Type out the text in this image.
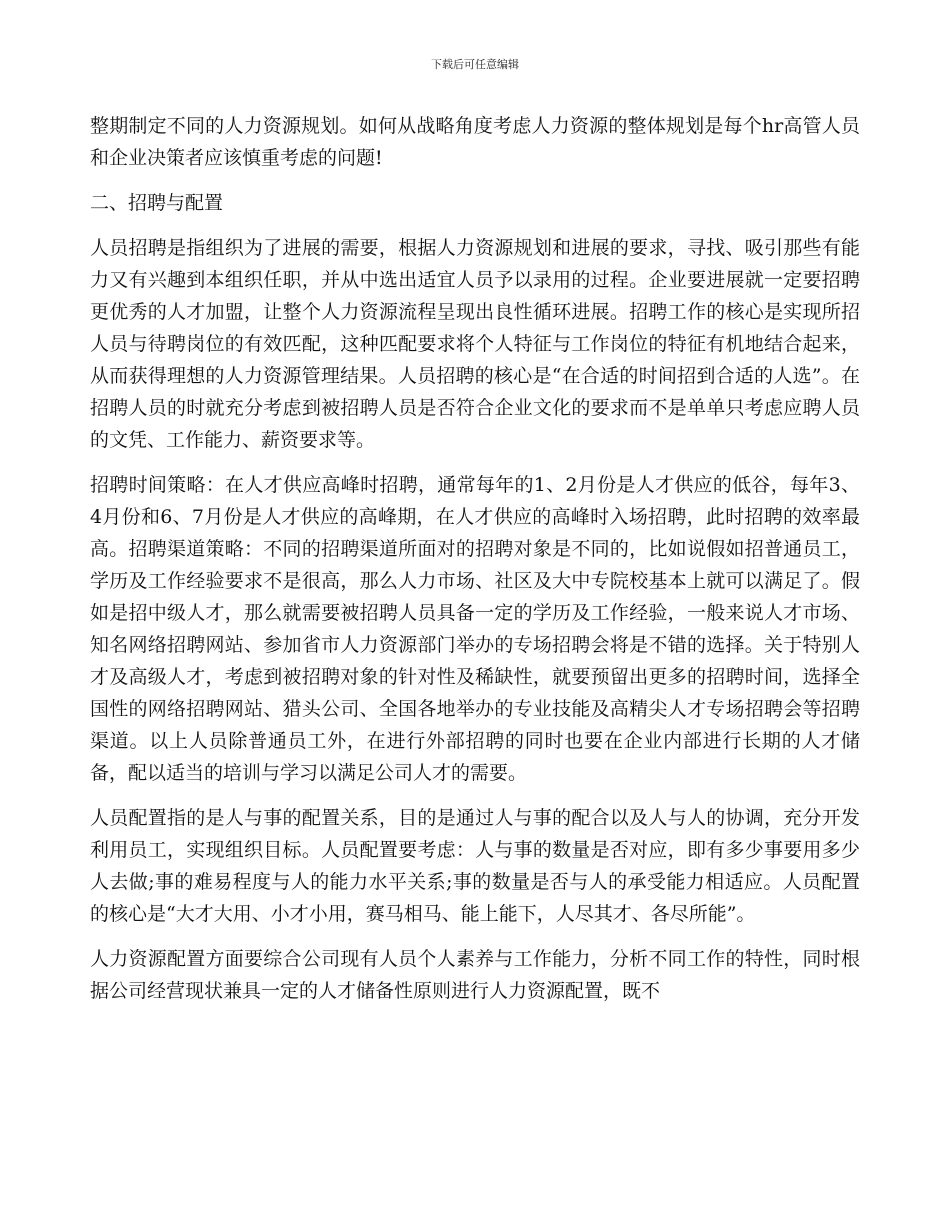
下载后可任意编辑

整期制定不同的人力资源规划。如何从战略角度考虑人力资源的整体规划是每个hr高管人员和企业决策者应该慎重考虑的问题!

二、招聘与配置

人员招聘是指组织为了进展的需要，根据人力资源规划和进展的要求，寻找、吸引那些有能力又有兴趣到本组织任职，并从中选出适宜人员予以录用的过程。企业要进展就一定要招聘更优秀的人才加盟，让整个人力资源流程呈现出良性循环进展。招聘工作的核心是实现所招人员与待聘岗位的有效匹配，这种匹配要求将个人特征与工作岗位的特征有机地结合起来，从而获得理想的人力资源管理结果。人员招聘的核心是“在合适的时间招到合适的人选”。在招聘人员的时就充分考虑到被招聘人员是否符合企业文化的要求而不是单单只考虑应聘人员的文凭、工作能力、薪资要求等。

招聘时间策略：在人才供应高峰时招聘，通常每年的1、2月份是人才供应的低谷，每年3、4月份和6、7月份是人才供应的高峰期，在人才供应的高峰时入场招聘，此时招聘的效率最高。招聘渠道策略：不同的招聘渠道所面对的招聘对象是不同的，比如说假如招普通员工，学历及工作经验要求不是很高，那么人力市场、社区及大中专院校基本上就可以满足了。假如是招中级人才，那么就需要被招聘人员具备一定的学历及工作经验，一般来说人才市场、知名网络招聘网站、参加省市人力资源部门举办的专场招聘会将是不错的选择。关于特别人才及高级人才，考虑到被招聘对象的针对性及稀缺性，就要预留出更多的招聘时间，选择全国性的网络招聘网站、猎头公司、全国各地举办的专业技能及高精尖人才专场招聘会等招聘渠道。以上人员除普通员工外，在进行外部招聘的同时也要在企业内部进行长期的人才储备，配以适当的培训与学习以满足公司人才的需要。

人员配置指的是人与事的配置关系，目的是通过人与事的配合以及人与人的协调，充分开发利用员工，实现组织目标。人员配置要考虑：人与事的数量是否对应，即有多少事要用多少人去做;事的难易程度与人的能力水平关系;事的数量是否与人的承受能力相适应。人员配置的核心是“大才大用、小才小用，赛马相马、能上能下，人尽其才、各尽所能”。

人力资源配置方面要综合公司现有人员个人素养与工作能力，分析不同工作的特性，同时根据公司经营现状兼具一定的人才储备性原则进行人力资源配置，既不
